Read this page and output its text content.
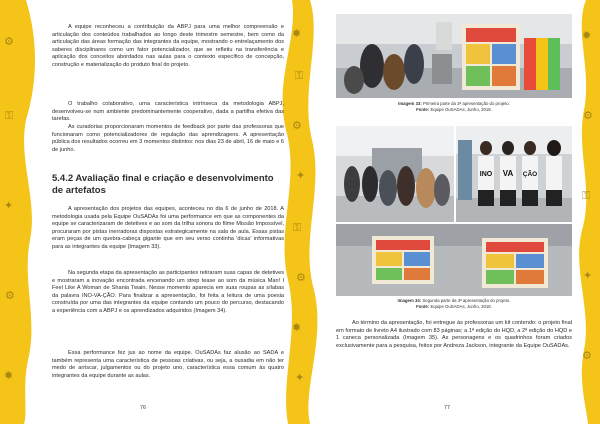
⚙
⚿
✦
⚙
✹
✹
⚿
⚙
✦
⚿
⚙
✹
✦
✹
⚙
⚿
✦
⚙

A equipe reconheceu a contribuição da ABPJ para uma melhor compreensão e articulação dos conteúdos trabalhados ao longo deste trimestre semestre, bem como da articulação das áreas formação das integrantes da equipe, mostrando o entrelaçamento dos saberes disciplinares como um fator potencializador, que se refletiu na transferência e aplicação dos conceitos abordados nas aulas para o contexto específico de concepção, construção e materialização do produto final do projeto.

O trabalho colaborativo, uma característica intrínseca da metodologia ABPJ, desenvolveu-se num ambiente predominantemente cooperativo, dada a partilha efetiva das tarefas.

As curadorias proporcionaram momentos de feedback por parte das professoras que funcionaram como potencializadores de regulação das aprendizagens. A apresentação pública dos resultados ocorreu em 3 momentos distintos: nos dias 23 de abril, 16 de maio e 6 de junho.

5.4.2 Avaliação final e criação e desenvolvimento de artefatos

A apresentação dos projetos das equipes, aconteceu no dia 6 de junho de 2018. A metodologia usada pela Equipe OuSADAs foi uma performance em que as componentes da equipe se caracterizaram de detetives e ao som da trilha sonora do filme Missão Impossível, procuraram por pistas inerradoras dispostas estrategicamente na sala de aula. Essas pistas eram peças de um quebra-cabeça gigante que em seu verso continha 'dicas' informativas para as integrantes da equipe (Imagem 33).

Na segunda etapa da apresentação as participantes retiraram suas capas de detetives e mostraram a inovação encontrada encenando um strep tease ao som da música Man! I Feel Like A Woman de Shania Twain. Nesse momento aparecia em suas roupas as sílabas da palavra INO-VA-ÇÃO. Para finalizar a apresentação, foi feita a leitura de uma poesia construída por uma das integrantes da equipe contando um pouco do percurso, destacando a experiência com a ABPJ e os aprendizados adquiridos (Imagem 34).

Essa performance fez jus ao nome da equipe. OuSADAs faz alusão ao SADA e também representa uma característica de pessoas criativas, ou seja, a ousadia em não ter medo de arriscar, julgamentos ou do projeto uno, característica essa comum às quatro integrantes da equipe durante as aulas.

76

Imagem 33: Primeira parte da 3ª apresentação do projeto.

Fonte: Equipe OuSADAs, Junho, 2018.

INO VA ÇÃO

Imagem 34: Segunda parte da 3ª apresentação do projeto.

Fonte: Equipe OuSADAs, Junho, 2018.

Ao término da apresentação, foi entregue às professoras um kit contendo: o projeto final em formato de livreto A4 ilustrado com 83 páginas; a 1ª edição do HQD, a 2ª edição do HQD e 1 caneca personalizada (Imagem 35). As personagens e os quadrinhos foram criados exclusivamente para a pesquisa, feitos por Andreza Jackson, integrante da Equipe OuSADAs.

77
